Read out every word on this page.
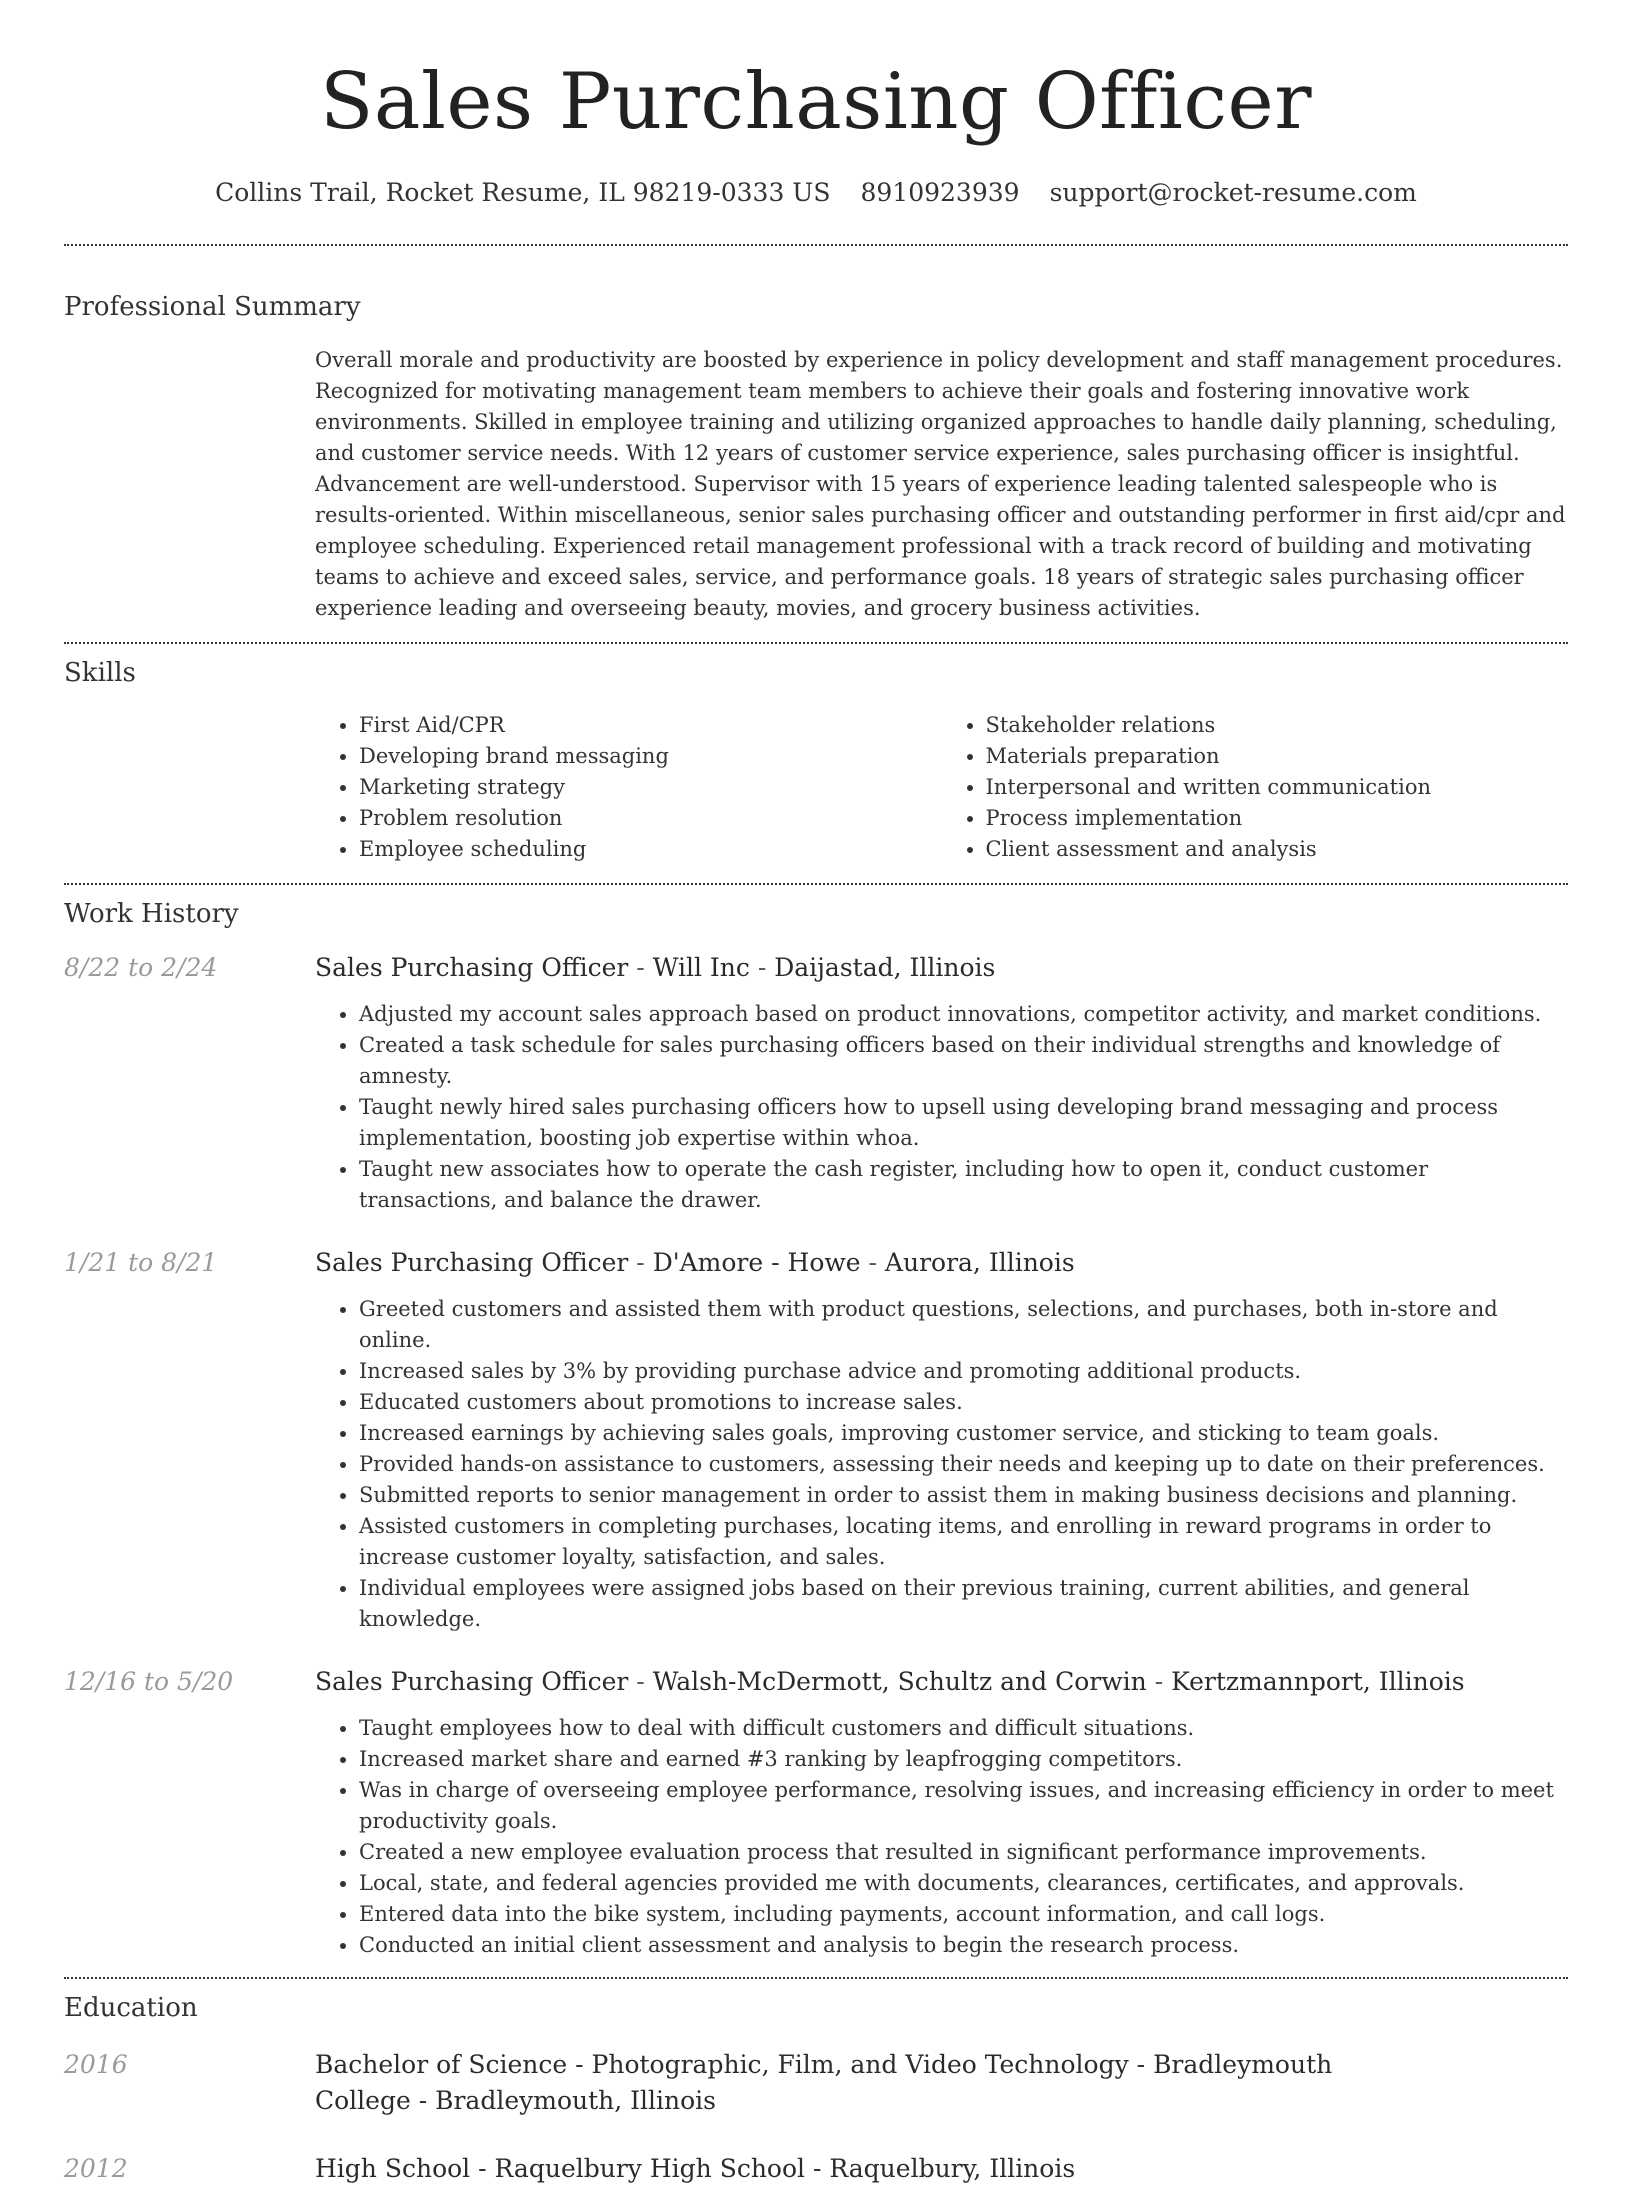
Sales Purchasing Officer
Collins Trail, Rocket Resume, IL 98219-0333 US 8910923939 support@rocket-resume.com
Professional Summary
Overall morale and productivity are boosted by experience in policy development and staff management procedures. Recognized for motivating management team members to achieve their goals and fostering innovative work environments. Skilled in employee training and utilizing organized approaches to handle daily planning, scheduling, and customer service needs. With 12 years of customer service experience, sales purchasing officer is insightful. Advancement are well-understood. Supervisor with 15 years of experience leading talented salespeople who is results-oriented. Within miscellaneous, senior sales purchasing officer and outstanding performer in first aid/cpr and employee scheduling. Experienced retail management professional with a track record of building and motivating teams to achieve and exceed sales, service, and performance goals. 18 years of strategic sales purchasing officer experience leading and overseeing beauty, movies, and grocery business activities.
Skills
• First Aid/CPR
• Developing brand messaging
• Marketing strategy
• Problem resolution
• Employee scheduling
• Stakeholder relations
• Materials preparation
• Interpersonal and written communication
• Process implementation
• Client assessment and analysis
Work History
8/22 to 2/24	Sales Purchasing Officer - Will Inc - Daijastad, Illinois
• Adjusted my account sales approach based on product innovations, competitor activity, and market conditions.
• Created a task schedule for sales purchasing officers based on their individual strengths and knowledge of amnesty.
• Taught newly hired sales purchasing officers how to upsell using developing brand messaging and process implementation, boosting job expertise within whoa.
• Taught new associates how to operate the cash register, including how to open it, conduct customer transactions, and balance the drawer.
1/21 to 8/21	Sales Purchasing Officer - D'Amore - Howe - Aurora, Illinois
• Greeted customers and assisted them with product questions, selections, and purchases, both in-store and online.
• Increased sales by 3% by providing purchase advice and promoting additional products.
• Educated customers about promotions to increase sales.
• Increased earnings by achieving sales goals, improving customer service, and sticking to team goals.
• Provided hands-on assistance to customers, assessing their needs and keeping up to date on their preferences.
• Submitted reports to senior management in order to assist them in making business decisions and planning.
• Assisted customers in completing purchases, locating items, and enrolling in reward programs in order to increase customer loyalty, satisfaction, and sales.
• Individual employees were assigned jobs based on their previous training, current abilities, and general knowledge.
12/16 to 5/20	Sales Purchasing Officer - Walsh-McDermott, Schultz and Corwin - Kertzmannport, Illinois
• Taught employees how to deal with difficult customers and difficult situations.
• Increased market share and earned #3 ranking by leapfrogging competitors.
• Was in charge of overseeing employee performance, resolving issues, and increasing efficiency in order to meet productivity goals.
• Created a new employee evaluation process that resulted in significant performance improvements.
• Local, state, and federal agencies provided me with documents, clearances, certificates, and approvals.
• Entered data into the bike system, including payments, account information, and call logs.
• Conducted an initial client assessment and analysis to begin the research process.
Education
2016	Bachelor of Science - Photographic, Film, and Video Technology - Bradleymouth College - Bradleymouth, Illinois
2012	High School - Raquelbury High School - Raquelbury, Illinois
